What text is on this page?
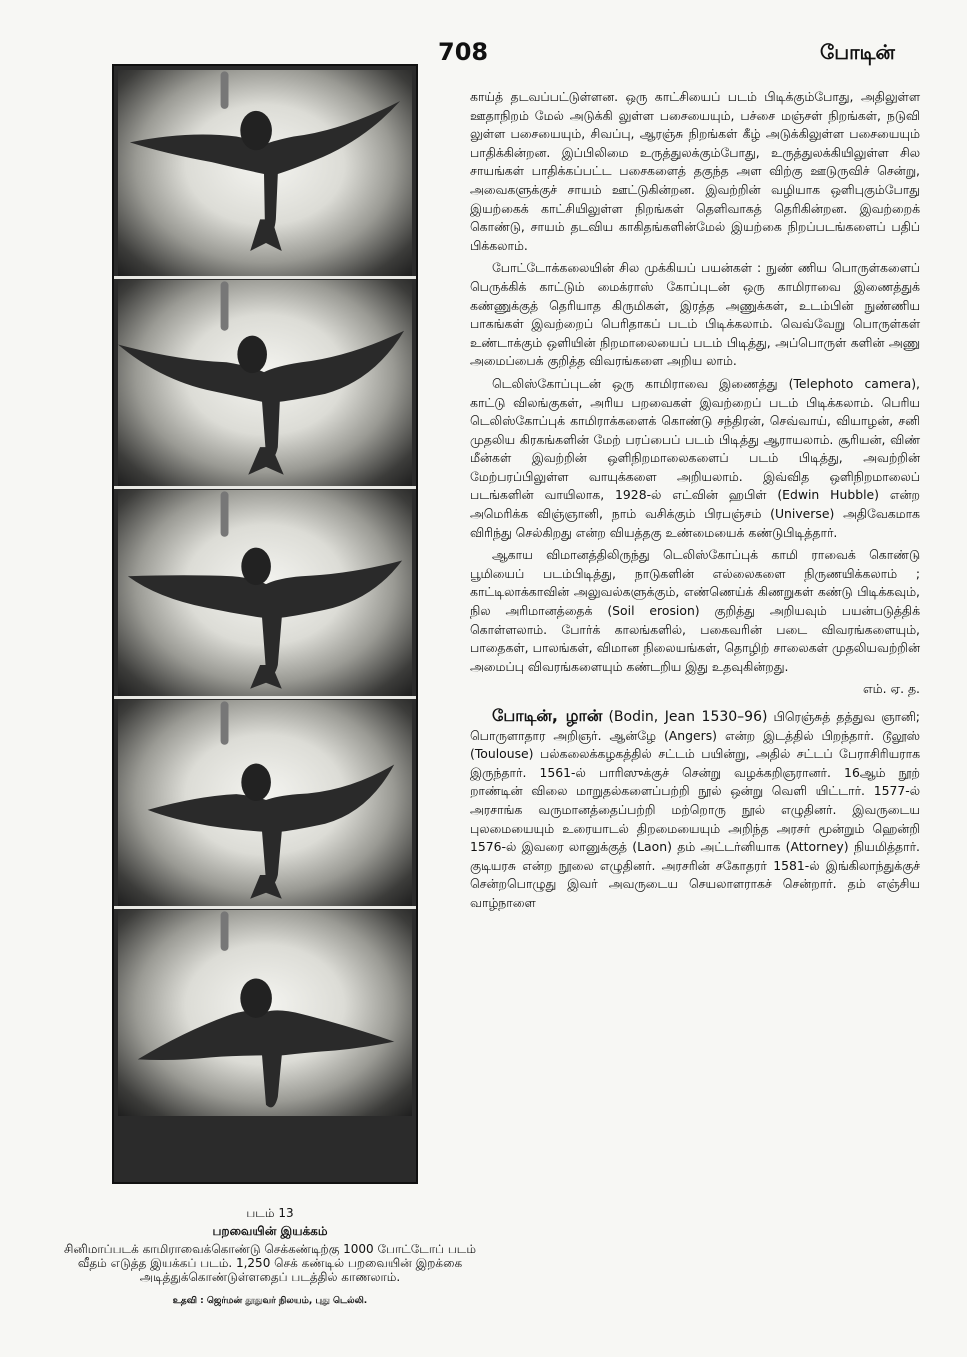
708	போடின்
படம் 13
பறவையின் இயக்கம்
சினிமாப்படக் காமிராவைக்கொண்டு செக்கண்டிற்கு 1000 போட்டோப் படம் வீதம் எடுத்த இயக்கப் படம். 1,250 செக் கண்டில் பறவையின் இறக்கை அடித்துக்கொண்டுள்ளதைப் படத்தில் காணலாம்.
உதவி : ஜெர்மன் தூதுவர் நிலயம், புது டெல்லி.

காய்த் தடவப்பட்டுள்ளன. ஒரு காட்சியைப் படம் பிடிக்கும்போது, அதிலுள்ள ஊதாநிறம் மேல் அடுக்கி லுள்ள பசையையும், பச்சை மஞ்சள் நிறங்கள், நடுவி லுள்ள பசையையும், சிவப்பு, ஆரஞ்சு நிறங்கள் கீழ் அடுக்கிலுள்ள பசையையும் பாதிக்கின்றன. இப்பிலிமை உருத்துலக்கும்போது, உருத்துலக்கியிலுள்ள சில சாயங்கள் பாதிக்கப்பட்ட பசைகளைத் தகுந்த அள விற்கு ஊடுருவிச் சென்று, அவைகளுக்குச் சாயம் ஊட்டுகின்றன. இவற்றின் வழியாக ஒளிபுகும்போது இயற்கைக் காட்சியிலுள்ள நிறங்கள் தெளிவாகத் தெரிகின்றன. இவற்றைக் கொண்டு, சாயம் தடவிய காகிதங்களின்மேல் இயற்கை நிறப்படங்களைப் பதிப் பிக்கலாம்.

போட்டோக்கலையின் சில முக்கியப் பயன்கள் : நுண் ணிய பொருள்களைப் பெருக்கிக் காட்டும் மைக்ராஸ் கோப்புடன் ஒரு காமிராவை இணைத்துக் கண்ணுக்குத் தெரியாத கிருமிகள், இரத்த அணுக்கள், உடம்பின் நுண்ணிய பாகங்கள் இவற்றைப் பெரிதாகப் படம் பிடிக்கலாம். வெவ்வேறு பொருள்கள் உண்டாக்கும் ஒளியின் நிறமாலையைப் படம் பிடித்து, அப்பொருள் களின் அணு அமைப்பைக் குறித்த விவரங்களை அறிய லாம்.

டெலிஸ்கோப்புடன் ஒரு காமிராவை இணைத்து (Telephoto camera), காட்டு விலங்குகள், அரிய பறவைகள் இவற்றைப் படம் பிடிக்கலாம். பெரிய டெலிஸ்கோப்புக் காமிராக்களைக் கொண்டு சந்திரன், செவ்வாய், வியாழன், சனி முதலிய கிரகங்களின் மேற் பரப்பைப் படம் பிடித்து ஆராயலாம். சூரியன், விண் மீன்கள் இவற்றின் ஒளிநிறமாலைகளைப் படம் பிடித்து, அவற்றின் மேற்பரப்பிலுள்ள வாயுக்களை அறியலாம். இவ்வித ஒளிநிறமாலைப் படங்களின் வாயிலாக, 1928-ல் எட்வின் ஹபிள் (Edwin Hubble) என்ற அமெரிக்க விஞ்ஞானி, நாம் வசிக்கும் பிரபஞ்சம் (Universe) அதிவேகமாக விரிந்து செல்கிறது என்ற வியத்தகு உண்மையைக் கண்டுபிடித்தார்.

ஆகாய விமானத்திலிருந்து டெலிஸ்கோப்புக் காமி ராவைக் கொண்டு பூமியைப் படம்பிடித்து, நாடுகளின் எல்லைகளை நிருணயிக்கலாம் ; காட்டிலாக்காவின் அலுவல்களுக்கும், எண்ணெய்க் கிணறுகள் கண்டு பிடிக்கவும், நில அரிமானத்தைக் (Soil erosion) குறித்து அறியவும் பயன்படுத்திக் கொள்ளலாம். போர்க் காலங்களில், பகைவரின் படை விவரங்களையும், பாதைகள், பாலங்கள், விமான நிலையங்கள், தொழிற் சாலைகள் முதலியவற்றின் அமைப்பு விவரங்களையும் கண்டறிய இது உதவுகின்றது.

எம். ஏ. த.

போடின், ழான் (Bodin, Jean 1530–96) பிரெஞ்சுத் தத்துவ ஞானி; பொருளாதார அறிஞர். ஆன்ழே (Angers) என்ற இடத்தில் பிறந்தார். டூலூஸ் (Toulouse) பல்கலைக்கழகத்தில் சட்டம் பயின்று, அதில் சட்டப் பேராசிரியராக இருந்தார். 1561-ல் பாரிஸுக்குச் சென்று வழக்கறிஞரானர். 16ஆம் நூற் றாண்டின் விலை மாறுதல்களைப்பற்றி நூல் ஒன்று வெளி யிட்டார். 1577-ல் அரசாங்க வருமானத்தைப்பற்றி மற்றொரு நூல் எழுதினர். இவருடைய புலமையையும் உரையாடல் திறமையையும் அறிந்த அரசர் மூன்றும் ஹென்றி 1576-ல் இவரை லானுக்குத் (Laon) தம் அட்டர்னியாக (Attorney) நியமித்தார். குடியரசு என்ற நூலை எழுதினர். அரசரின் சகோதரர் 1581-ல் இங்கிலாந்துக்குச் சென்றபொழுது இவர் அவருடைய செயலாளராகச் சென்றார். தம் எஞ்சிய வாழ்நாளை
